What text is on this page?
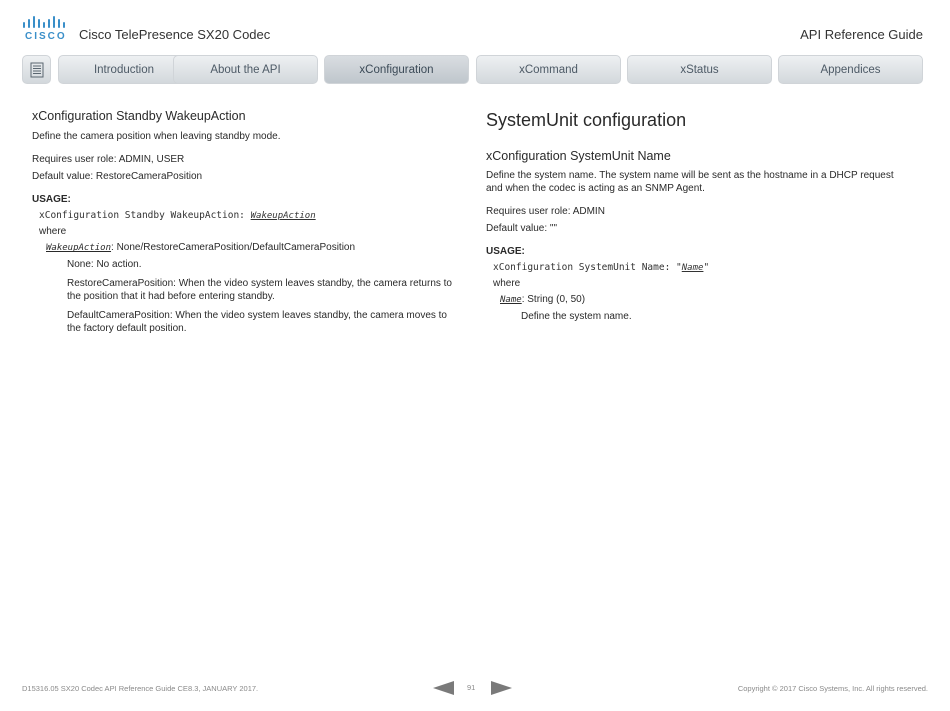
CISCO Cisco TelePresence SX20 Codec	API Reference Guide
Introduction	About the API	xConfiguration	xCommand	xStatus	Appendices
xConfiguration Standby WakeupAction

Define the camera position when leaving standby mode.

Requires user role: ADMIN, USER

Default value: RestoreCameraPosition

USAGE:

xConfiguration Standby WakeupAction: WakeupAction

where

WakeupAction: None/RestoreCameraPosition/DefaultCameraPosition

None: No action.

RestoreCameraPosition: When the video system leaves standby, the camera returns to the position that it had before entering standby.

DefaultCameraPosition: When the video system leaves standby, the camera moves to the factory default position.

SystemUnit configuration
xConfiguration SystemUnit Name

Define the system name. The system name will be sent as the hostname in a DHCP request and when the codec is acting as an SNMP Agent.

Requires user role: ADMIN

Default value: ""

USAGE:

xConfiguration SystemUnit Name: "Name"

where

Name: String (0, 50)

Define the system name.

D15316.05 SX20 Codec API Reference Guide CE8.3, JANUARY 2017.	91	Copyright © 2017 Cisco Systems, Inc. All rights reserved.
